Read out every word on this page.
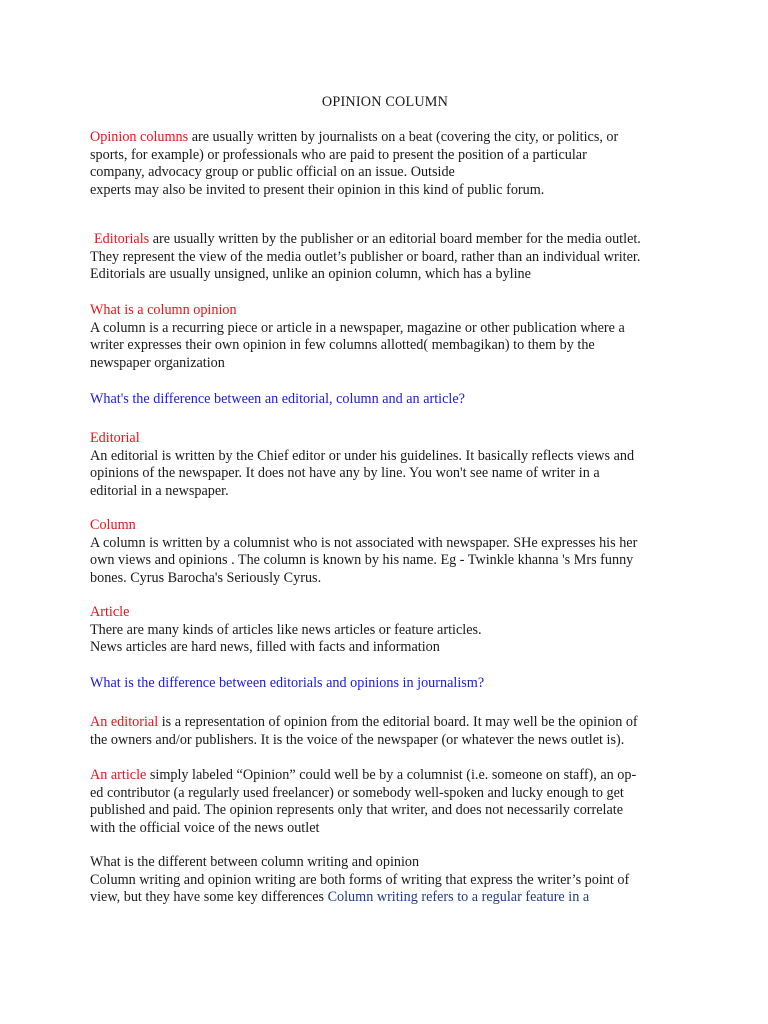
OPINION COLUMN
Opinion columns are usually written by journalists on a beat (covering the city, or politics, or
sports, for example) or professionals who are paid to present the position of a particular
company, advocacy group or public official on an issue. Outside
experts may also be invited to present their opinion in this kind of public forum.
Editorials are usually written by the publisher or an editorial board member for the media outlet.
They represent the view of the media outlet’s publisher or board, rather than an individual writer.
Editorials are usually unsigned, unlike an opinion column, which has a byline
What is a column opinion
A column is a recurring piece or article in a newspaper, magazine or other publication where a
writer expresses their own opinion in few columns allotted( membagikan) to them by the
newspaper organization
What's the difference between an editorial, column and an article?
Editorial
An editorial is written by the Chief editor or under his guidelines. It basically reflects views and
opinions of the newspaper. It does not have any by line. You won't see name of writer in a
editorial in a newspaper.
Column
A column is written by a columnist who is not associated with newspaper. SHe expresses his her
own views and opinions . The column is known by his name. Eg - Twinkle khanna 's Mrs funny
bones. Cyrus Barocha's Seriously Cyrus.
Article
There are many kinds of articles like news articles or feature articles.
News articles are hard news, filled with facts and information
What is the difference between editorials and opinions in journalism?
An editorial is a representation of opinion from the editorial board. It may well be the opinion of
the owners and/or publishers. It is the voice of the newspaper (or whatever the news outlet is).
An article simply labeled “Opinion” could well be by a columnist (i.e. someone on staff), an op-
ed contributor (a regularly used freelancer) or somebody well-spoken and lucky enough to get
published and paid. The opinion represents only that writer, and does not necessarily correlate
with the official voice of the news outlet
What is the different between column writing and opinion
Column writing and opinion writing are both forms of writing that express the writer’s point of
view, but they have some key differences Column writing refers to a regular feature in a
